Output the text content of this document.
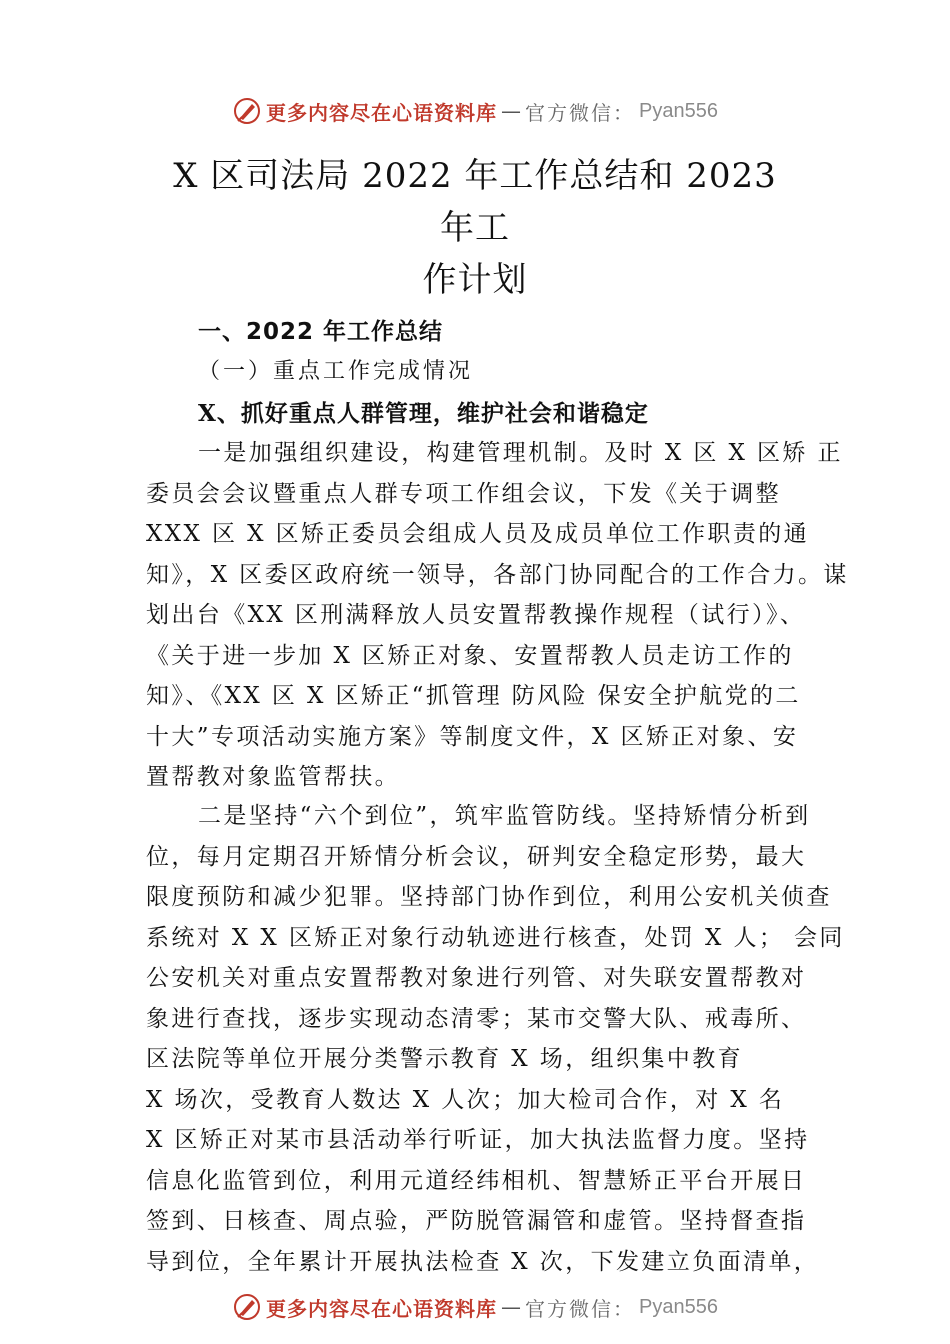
更多内容尽在心语资料库 — 官方微信： Pyan556
X 区司法局 2022 年工作总结和 2023 年工
作计划
一、2022 年工作总结
（一）重点工作完成情况
X、抓好重点人群管理，维护社会和谐稳定
一是加强组织建设，构建管理机制。及时 X 区 X 区矫 正
委员会会议暨重点人群专项工作组会议，下发《关于调整
XXX 区 X 区矫正委员会组成人员及成员单位工作职责的通
知》，X 区委区政府统一领导，各部门协同配合的工作合力。谋
划出台《XX 区刑满释放人员安置帮教操作规程（试行）》、
《关于进一步加 X 区矫正对象、安置帮教人员走访工作的
知》、《XX 区 X 区矫正“抓管理 防风险 保安全护航党的二
十大”专项活动实施方案》等制度文件，X 区矫正对象、安
置帮教对象监管帮扶。
二是坚持“六个到位”，筑牢监管防线。坚持矫情分析到
位，每月定期召开矫情分析会议，研判安全稳定形势，最大
限度预防和减少犯罪。坚持部门协作到位，利用公安机关侦查
系统对 X X 区矫正对象行动轨迹进行核查，处罚 X 人； 会同
公安机关对重点安置帮教对象进行列管、对失联安置帮教对
象进行查找，逐步实现动态清零；某市交警大队、戒毒所、
区法院等单位开展分类警示教育 X 场，组织集中教育
X 场次，受教育人数达 X 人次；加大检司合作，对 X 名
X 区矫正对某市县活动举行听证，加大执法监督力度。坚持
信息化监管到位，利用元道经纬相机、智慧矫正平台开展日
签到、日核查、周点验，严防脱管漏管和虚管。坚持督查指
导到位，全年累计开展执法检查 X 次，下发建立负面清单，
更多内容尽在心语资料库 — 官方微信： Pyan556
